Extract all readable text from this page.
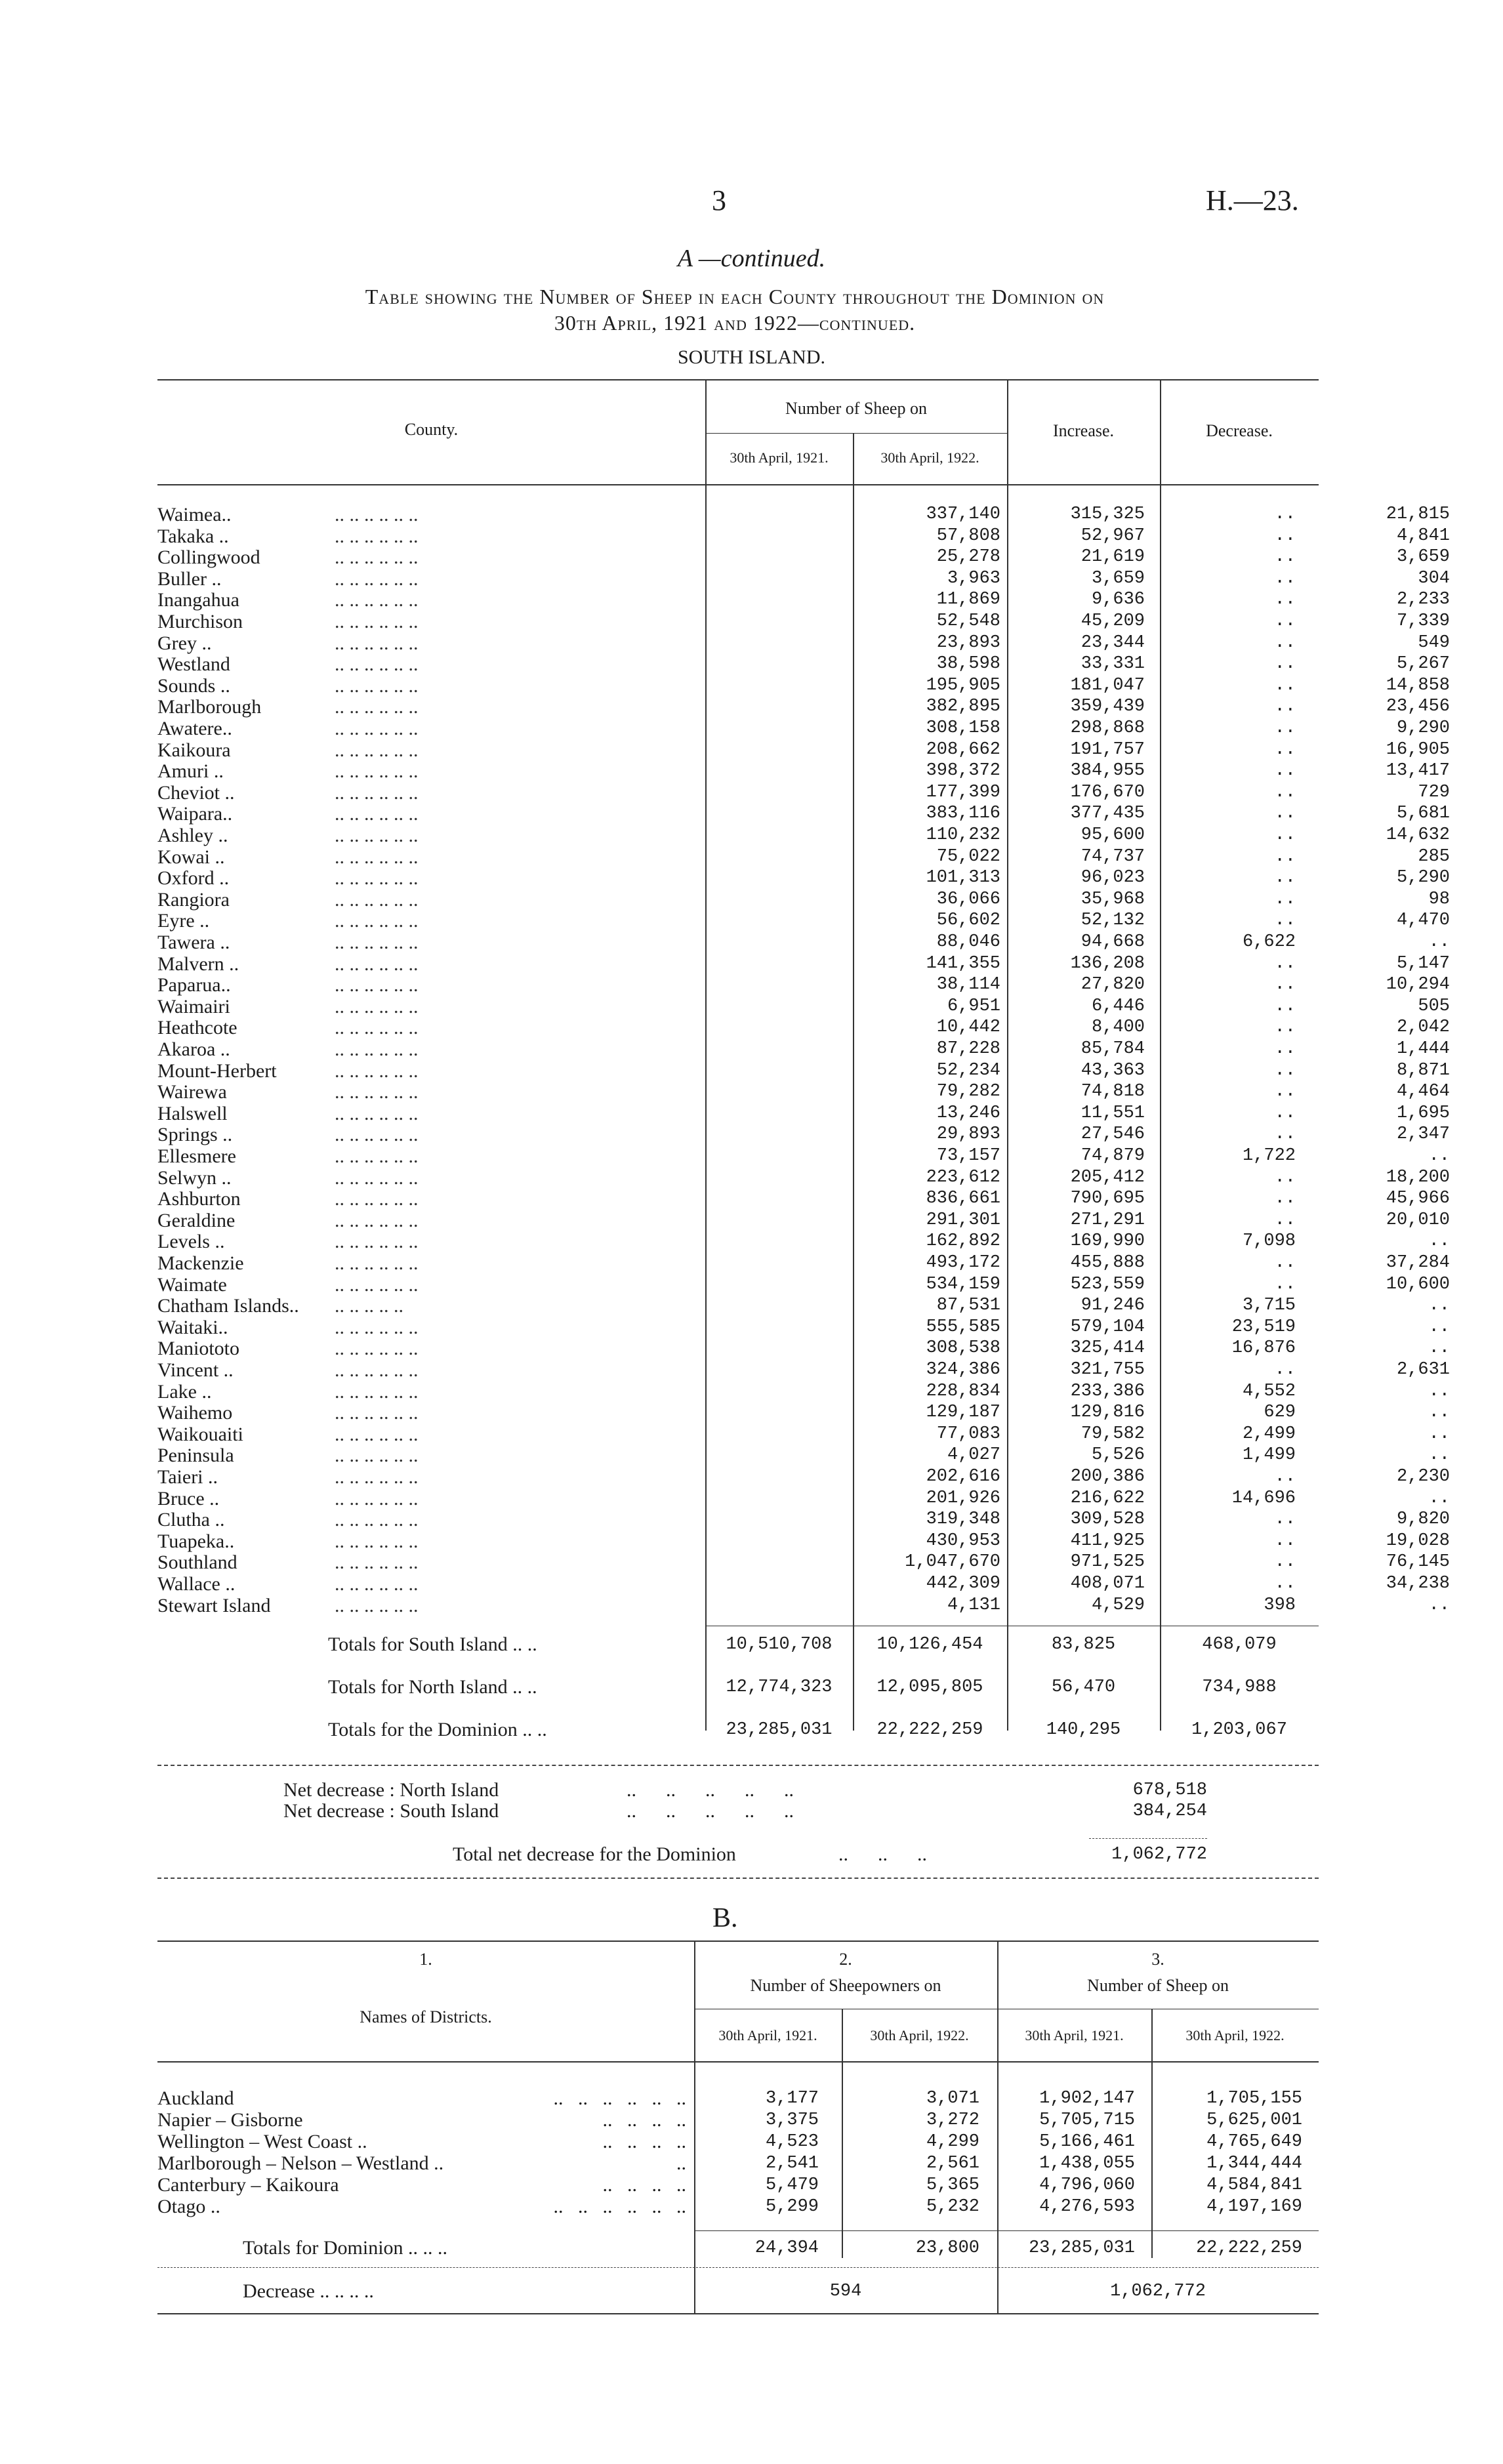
3	H.—23.
A —continued.
Table showing the Number of Sheep in each County throughout the Dominion on
30th April, 1921 and 1922—continued.
SOUTH ISLAND.
County.
Number of Sheep on
30th April, 1921.	30th April, 1922.
Increase.	Decrease.
Waimea..	.. .. .. .. .. ..	337,140	315,325	..	21,815
Takaka ..	.. .. .. .. .. ..	57,808	52,967	..	4,841
Collingwood	.. .. .. .. .. ..	25,278	21,619	..	3,659
Buller ..	.. .. .. .. .. ..	3,963	3,659	..	304
Inangahua	.. .. .. .. .. ..	11,869	9,636	..	2,233
Murchison	.. .. .. .. .. ..	52,548	45,209	..	7,339
Grey ..	.. .. .. .. .. ..	23,893	23,344	..	549
Westland	.. .. .. .. .. ..	38,598	33,331	..	5,267
Sounds ..	.. .. .. .. .. ..	195,905	181,047	..	14,858
Marlborough	.. .. .. .. .. ..	382,895	359,439	..	23,456
Awatere..	.. .. .. .. .. ..	308,158	298,868	..	9,290
Kaikoura	.. .. .. .. .. ..	208,662	191,757	..	16,905
Amuri ..	.. .. .. .. .. ..	398,372	384,955	..	13,417
Cheviot ..	.. .. .. .. .. ..	177,399	176,670	..	729
Waipara..	.. .. .. .. .. ..	383,116	377,435	..	5,681
Ashley ..	.. .. .. .. .. ..	110,232	95,600	..	14,632
Kowai ..	.. .. .. .. .. ..	75,022	74,737	..	285
Oxford ..	.. .. .. .. .. ..	101,313	96,023	..	5,290
Rangiora	.. .. .. .. .. ..	36,066	35,968	..	98
Eyre ..	.. .. .. .. .. ..	56,602	52,132	..	4,470
Tawera ..	.. .. .. .. .. ..	88,046	94,668	6,622	..
Malvern ..	.. .. .. .. .. ..	141,355	136,208	..	5,147
Paparua..	.. .. .. .. .. ..	38,114	27,820	..	10,294
Waimairi	.. .. .. .. .. ..	6,951	6,446	..	505
Heathcote	.. .. .. .. .. ..	10,442	8,400	..	2,042
Akaroa ..	.. .. .. .. .. ..	87,228	85,784	..	1,444
Mount-Herbert	.. .. .. .. .. ..	52,234	43,363	..	8,871
Wairewa	.. .. .. .. .. ..	79,282	74,818	..	4,464
Halswell	.. .. .. .. .. ..	13,246	11,551	..	1,695
Springs ..	.. .. .. .. .. ..	29,893	27,546	..	2,347
Ellesmere	.. .. .. .. .. ..	73,157	74,879	1,722	..
Selwyn ..	.. .. .. .. .. ..	223,612	205,412	..	18,200
Ashburton	.. .. .. .. .. ..	836,661	790,695	..	45,966
Geraldine	.. .. .. .. .. ..	291,301	271,291	..	20,010
Levels ..	.. .. .. .. .. ..	162,892	169,990	7,098	..
Mackenzie	.. .. .. .. .. ..	493,172	455,888	..	37,284
Waimate	.. .. .. .. .. ..	534,159	523,559	..	10,600
Chatham Islands.. .. .. .. .. ..	87,531	91,246	3,715	..
Waitaki..	.. .. .. .. .. ..	555,585	579,104	23,519	..
Maniototo	.. .. .. .. .. ..	308,538	325,414	16,876	..
Vincent ..	.. .. .. .. .. ..	324,386	321,755	..	2,631
Lake ..	.. .. .. .. .. ..	228,834	233,386	4,552	..
Waihemo	.. .. .. .. .. ..	129,187	129,816	629	..
Waikouaiti	.. .. .. .. .. ..	77,083	79,582	2,499	..
Peninsula	.. .. .. .. .. ..	4,027	5,526	1,499	..
Taieri ..	.. .. .. .. .. ..	202,616	200,386	..	2,230
Bruce ..	.. .. .. .. .. ..	201,926	216,622	14,696	..
Clutha ..	.. .. .. .. .. ..	319,348	309,528	..	9,820
Tuapeka..	.. .. .. .. .. ..	430,953	411,925	..	19,028
Southland	.. .. .. .. .. ..	1,047,670	971,525	..	76,145
Wallace ..	.. .. .. .. .. ..	442,309	408,071	..	34,238
Stewart Island	.. .. .. .. .. ..	4,131	4,529	398	..
Totals for South Island .. ..	10,510,708	10,126,454	83,825	468,079
Totals for North Island .. ..	12,774,323	12,095,805	56,470	734,988
Totals for the Dominion .. ..	23,285,031	22,222,259	140,295	1,203,067
Net decrease : North Island	..      ..      ..      ..      ..	678,518
Net decrease : South Island	..      ..      ..      ..      ..	384,254
Total net decrease for the Dominion	..      ..      ..	1,062,772
B.
1.
Names of Districts.
2.
Number of Sheepowners on
3.
Number of Sheep on
30th April, 1921.	30th April, 1922.	30th April, 1921.	30th April, 1922.
Auckland	..   ..   ..   ..   ..   ..	3,177	3,071	1,902,147	1,705,155
Napier – Gisborne	..   ..   ..   ..	3,375	3,272	5,705,715	5,625,001
Wellington – West Coast ..	..   ..   ..   ..	4,523	4,299	5,166,461	4,765,649
Marlborough – Nelson – Westland ..	..	2,541	2,561	1,438,055	1,344,444
Canterbury – Kaikoura	..   ..   ..   ..	5,479	5,365	4,796,060	4,584,841
Otago ..	..   ..   ..   ..   ..   ..	5,299	5,232	4,276,593	4,197,169
Totals for Dominion .. .. ..	24,394	23,800	23,285,031	22,222,259
Decrease .. .. .. ..	594	1,062,772
